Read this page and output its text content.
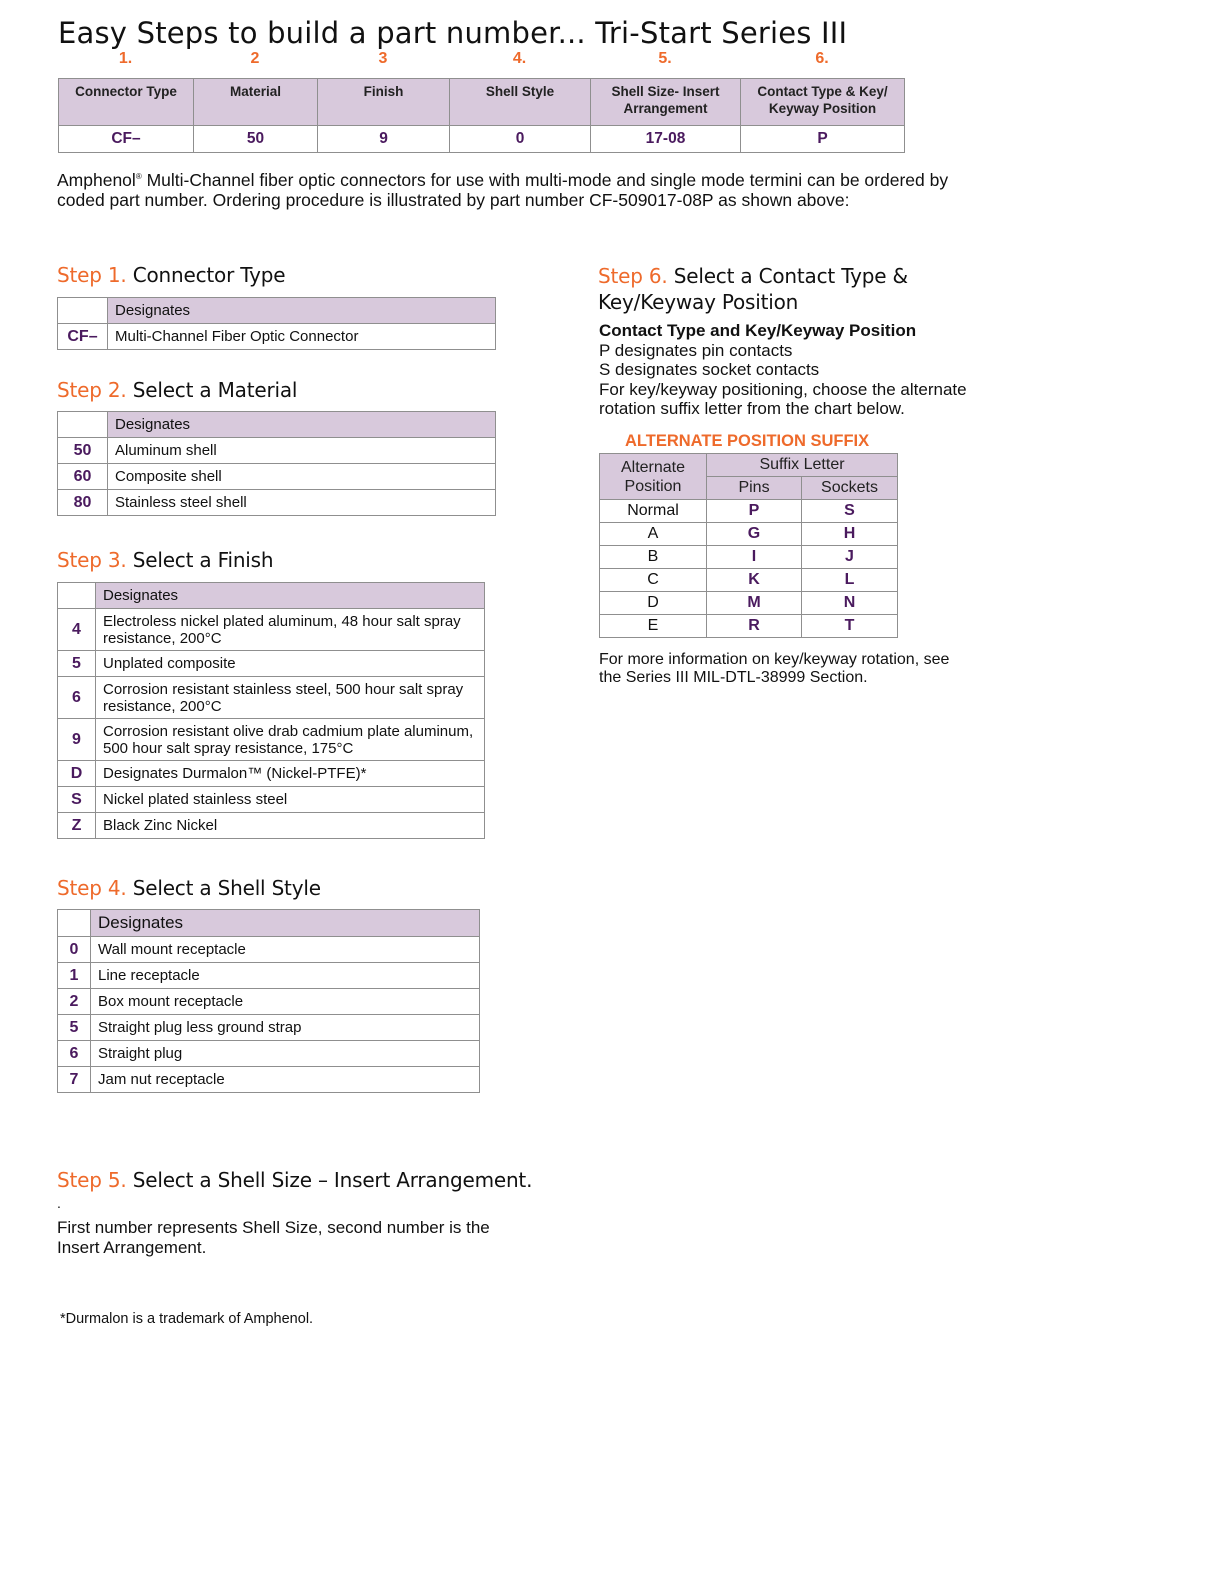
Easy Steps to build a part number... Tri-Start Series III
1.	2	3	4.	5.	6.
Connector Type	Material	Finish	Shell Style	Shell Size- Insert Arrangement	Contact Type & Key/ Keyway Position
CF–	50	9	0	17-08	P
Amphenol® Multi-Channel fiber optic connectors for use with multi-mode and single mode termini can be ordered by coded part number. Ordering procedure is illustrated by part number CF-509017-08P as shown above:
Step 1. Connector Type
	Designates
CF–	Multi-Channel Fiber Optic Connector
Step 2. Select a Material
	Designates
50	Aluminum shell
60	Composite shell
80	Stainless steel shell
Step 3. Select a Finish
	Designates
4	Electroless nickel plated aluminum, 48 hour salt spray resistance, 200°C
5	Unplated composite
6	Corrosion resistant stainless steel, 500 hour salt spray resistance, 200°C
9	Corrosion resistant olive drab cadmium plate aluminum, 500 hour salt spray resistance, 175°C
D	Designates Durmalon™ (Nickel-PTFE)*
S	Nickel plated stainless steel
Z	Black Zinc Nickel
Step 4. Select a Shell Style
	Designates
0	Wall mount receptacle
1	Line receptacle
2	Box mount receptacle
5	Straight plug less ground strap
6	Straight plug
7	Jam nut receptacle
Step 5. Select a Shell Size – Insert Arrangement.
.
First number represents Shell Size, second number is the Insert Arrangement.
*Durmalon is a trademark of Amphenol.
Step 6. Select a Contact Type &
Key/Keyway Position
Contact Type and Key/Keyway Position
P designates pin contacts
S designates socket contacts
For key/keyway positioning, choose the alternate rotation suffix letter from the chart below.
ALTERNATE POSITION SUFFIX
Alternate Position	Suffix Letter	
	Pins	Sockets
Normal	P	S
A	G	H
B	I	J
C	K	L
D	M	N
E	R	T
For more information on key/keyway rotation, see the Series III MIL-DTL-38999 Section.
